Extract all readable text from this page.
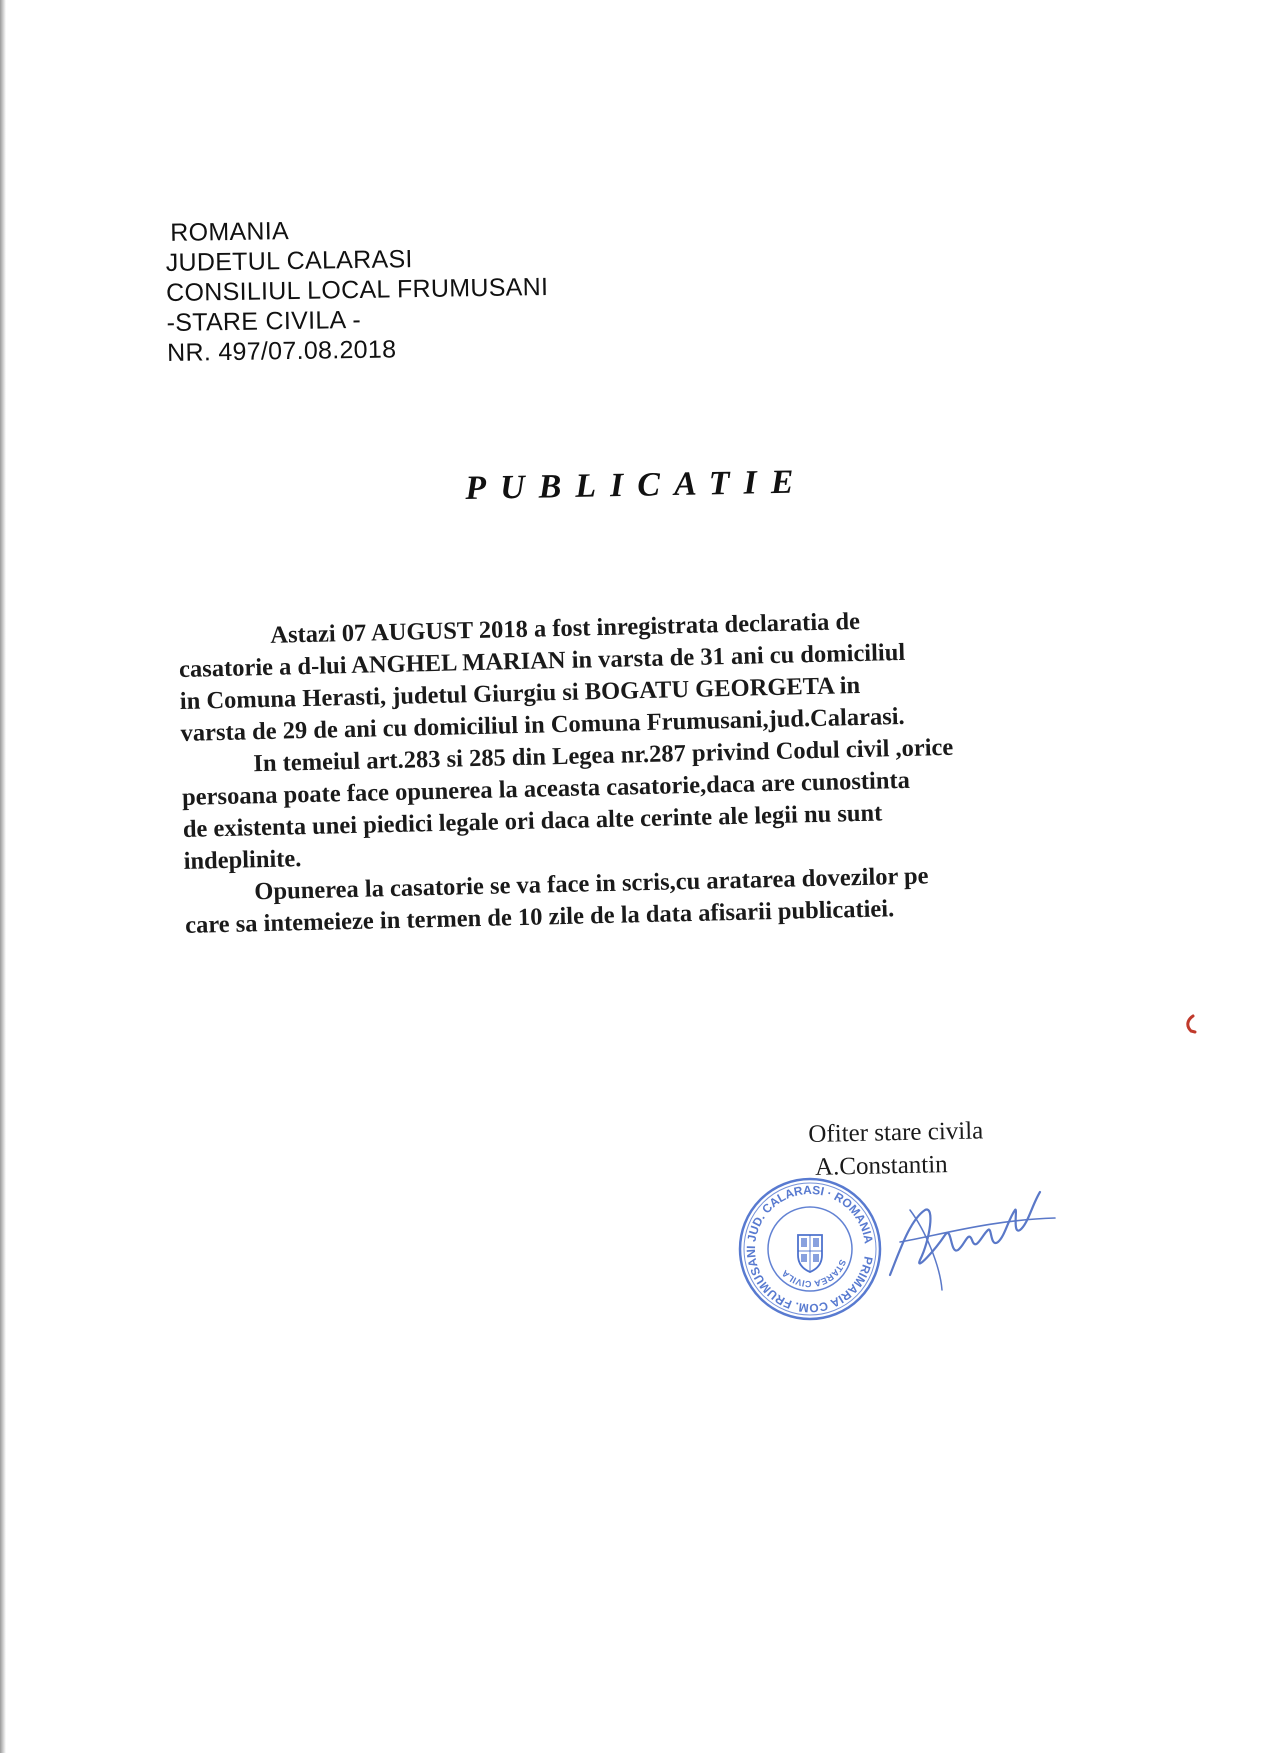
ROMANIA
JUDETUL CALARASI
CONSILIUL LOCAL FRUMUSANI
-STARE CIVILA -
NR. 497/07.08.2018
PUBLICATIE
Astazi 07 AUGUST 2018 a fost inregistrata declaratia de
casatorie a d-lui ANGHEL MARIAN in varsta de 31 ani cu domiciliul
in Comuna Herasti, judetul Giurgiu si BOGATU GEORGETA in
varsta de 29 de ani cu domiciliul in Comuna Frumusani,jud.Calarasi.
In temeiul art.283 si 285 din Legea nr.287 privind Codul civil ,orice
persoana poate face opunerea la aceasta casatorie,daca are cunostinta
de existenta unei piedici legale ori daca alte cerinte ale legii nu sunt
indeplinite.
Opunerea la casatorie se va face in scris,cu aratarea dovezilor pe
care sa intemeieze in termen de 10 zile de la data afisarii publicatiei.
Ofiter stare civila
A.Constantin
PRIMARIA COM. FRUMUSANI JUD. CALARASI · ROMANIA
STAREA CIVILA
